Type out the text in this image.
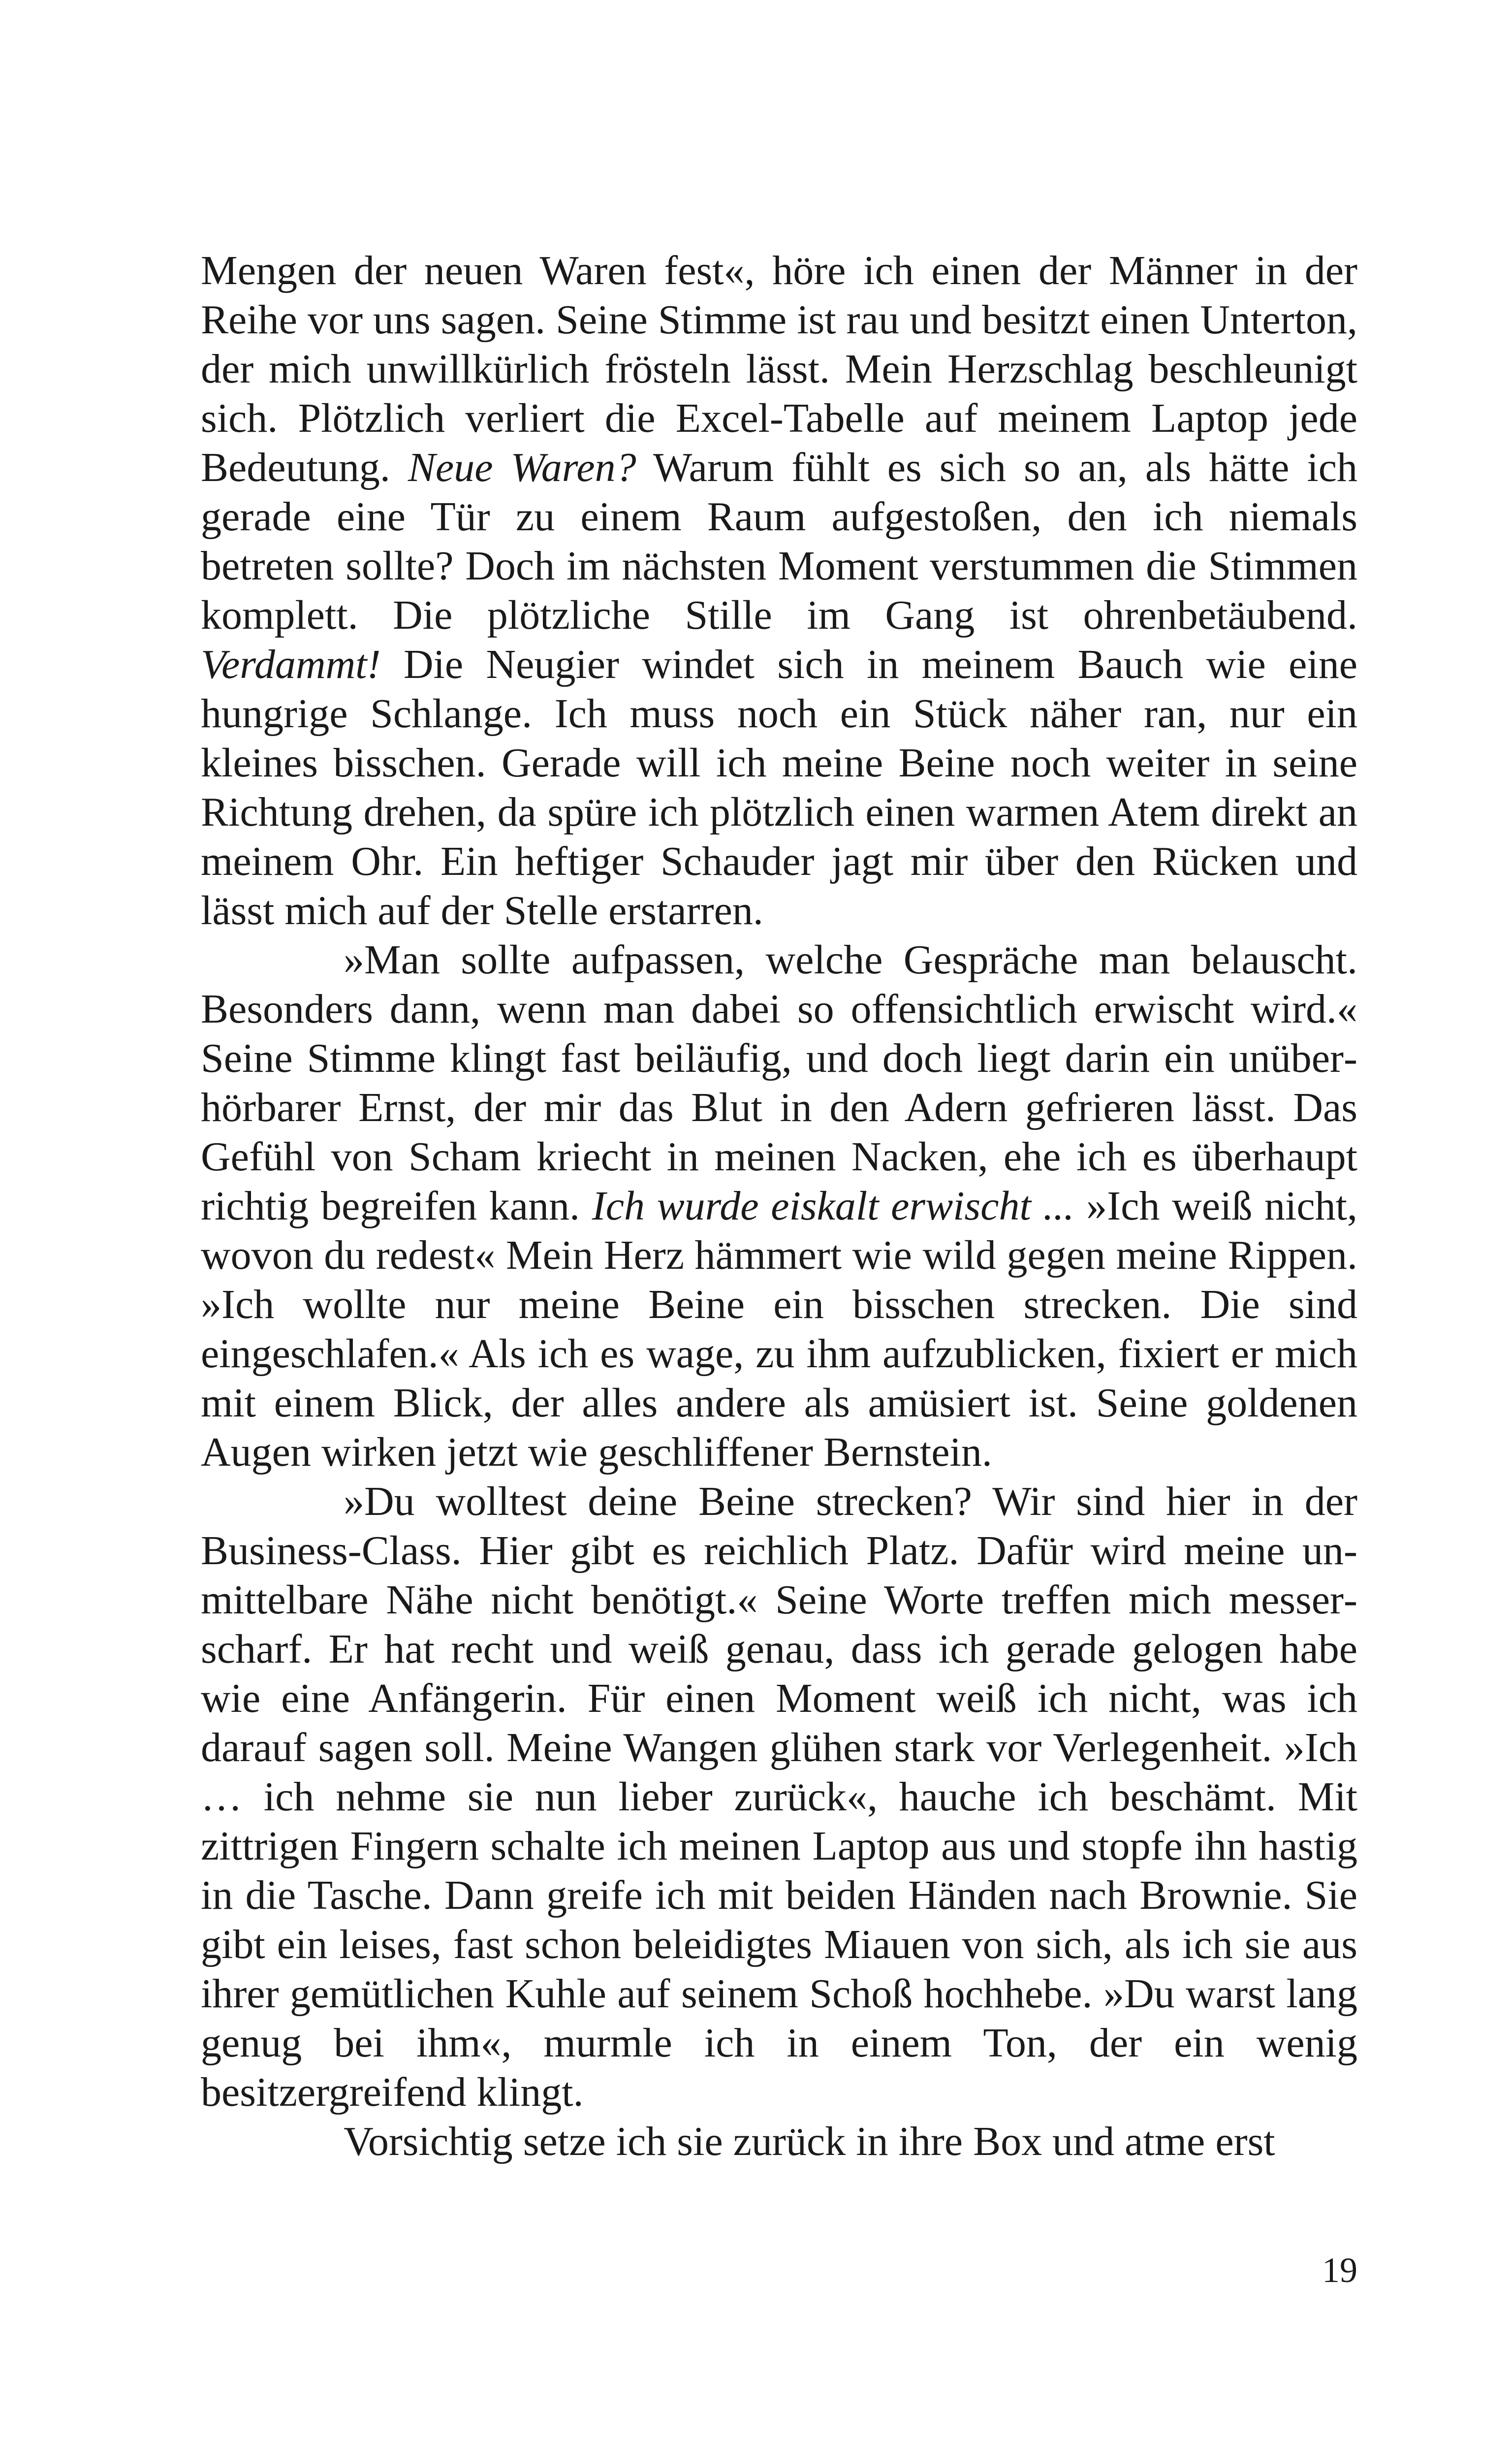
Mengen der neuen Waren fest«, höre ich einen der Männer in der Reihe vor uns sagen. Seine Stimme ist rau und besitzt einen Unterton, der mich unwillkürlich frösteln lässt. Mein Herzschlag beschleunigt sich. Plötzlich verliert die Excel-Tabelle auf meinem Laptop jede Bedeutung. Neue Waren? Warum fühlt es sich so an, als hätte ich gerade eine Tür zu einem Raum aufgestoßen, den ich niemals betreten sollte? Doch im nächsten Moment verstummen die Stimmen komplett. Die plötzliche Stille im Gang ist ohrenbetäubend. Verdammt! Die Neugier windet sich in meinem Bauch wie eine hungrige Schlange. Ich muss noch ein Stück näher ran, nur ein kleines bisschen. Gerade will ich meine Beine noch weiter in seine Richtung drehen, da spüre ich plötzlich einen warmen Atem direkt an meinem Ohr. Ein heftiger Schauder jagt mir über den Rücken und lässt mich auf der Stelle erstarren.

»Man sollte aufpassen, welche Gespräche man belauscht. Besonders dann, wenn man dabei so offensichtlich erwischt wird.« Seine Stimme klingt fast beiläufig, und doch liegt darin ein unüberhörbarer Ernst, der mir das Blut in den Adern gefrieren lässt. Das Gefühl von Scham kriecht in meinen Nacken, ehe ich es überhaupt richtig begreifen kann. Ich wurde eiskalt erwischt ... »Ich weiß nicht, wovon du redest« Mein Herz hämmert wie wild gegen meine Rippen. »Ich wollte nur meine Beine ein bisschen strecken. Die sind eingeschlafen.« Als ich es wage, zu ihm aufzublicken, fixiert er mich mit einem Blick, der alles andere als amüsiert ist. Seine goldenen Augen wirken jetzt wie geschliffener Bernstein.

»Du wolltest deine Beine strecken? Wir sind hier in der Business-Class. Hier gibt es reichlich Platz. Dafür wird meine unmittelbare Nähe nicht benötigt.« Seine Worte treffen mich messerscharf. Er hat recht und weiß genau, dass ich gerade gelogen habe wie eine Anfängerin. Für einen Moment weiß ich nicht, was ich darauf sagen soll. Meine Wangen glühen stark vor Verlegenheit. »Ich … ich nehme sie nun lieber zurück«, hauche ich beschämt. Mit zittrigen Fingern schalte ich meinen Laptop aus und stopfe ihn hastig in die Tasche. Dann greife ich mit beiden Händen nach Brownie. Sie gibt ein leises, fast schon beleidigtes Miauen von sich, als ich sie aus ihrer gemütlichen Kuhle auf seinem Schoß hochhebe. »Du warst lang genug bei ihm«, murmle ich in einem Ton, der ein wenig besitzergreifend klingt.

Vorsichtig setze ich sie zurück in ihre Box und atme erst

19
